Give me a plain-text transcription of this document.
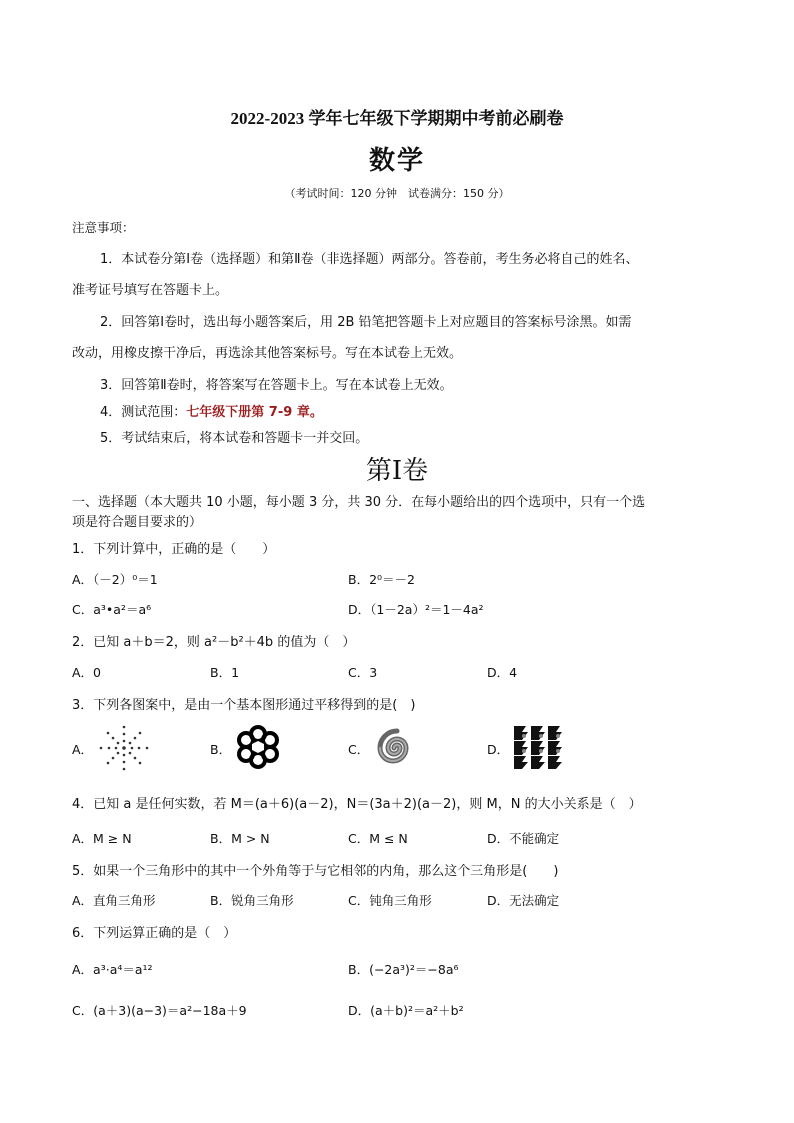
2022-2023 学年七年级下学期期中考前必刷卷
数学
（考试时间：120 分钟　试卷满分：150 分）
注意事项：
1．本试卷分第Ⅰ卷（选择题）和第Ⅱ卷（非选择题）两部分。答卷前，考生务必将自己的姓名、
准考证号填写在答题卡上。
2．回答第Ⅰ卷时，选出每小题答案后，用 2B 铅笔把答题卡上对应题目的答案标号涂黑。如需
改动，用橡皮擦干净后，再选涂其他答案标号。写在本试卷上无效。
3．回答第Ⅱ卷时，将答案写在答题卡上。写在本试卷上无效。
4．测试范围：七年级下册第 7-9 章。
5．考试结束后，将本试卷和答题卡一并交回。
第Ⅰ卷
一、选择题（本大题共 10 小题，每小题 3 分，共 30 分．在每小题给出的四个选项中，只有一个选
项是符合题目要求的）
1．下列计算中，正确的是（　　）
A．（－2）⁰＝1	B．2⁰＝－2
C．a³•a²＝a⁶	D．（1－2a）²＝1－4a²
2．已知 a＋b＝2，则 a²－b²＋4b 的值为（　）
A．0	B．1	C．3	D．4
3．下列各图案中，是由一个基本图形通过平移得到的是(　)
A．	B．	C．	D．
4．已知 a 是任何实数，若 M＝(a＋6)(a－2)，N＝(3a＋2)(a－2)，则 M，N 的大小关系是（　）
A．M ≥ N	B．M > N	C．M ≤ N	D．不能确定
5．如果一个三角形中的其中一个外角等于与它相邻的内角，那么这个三角形是(　　)
A．直角三角形	B．锐角三角形	C．钝角三角形	D．无法确定
6．下列运算正确的是（　）
A．a³·a⁴＝a¹²	B．(−2a³)²＝−8a⁶
C．(a＋3)(a−3)＝a²−18a＋9	D．(a＋b)²＝a²＋b²
